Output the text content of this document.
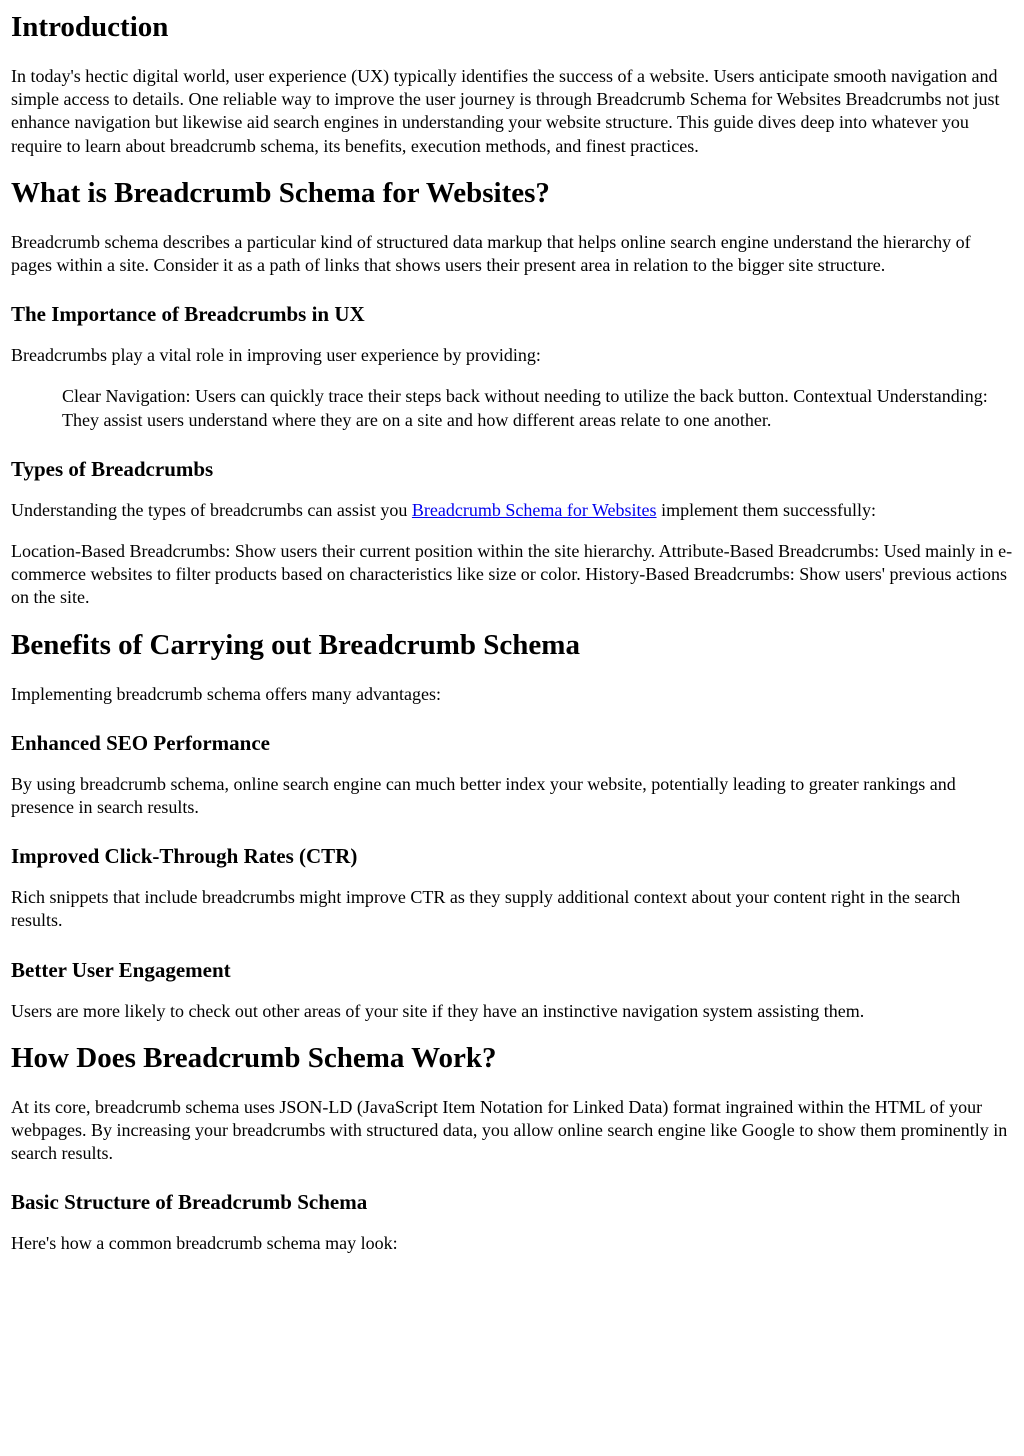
Introduction

In today's hectic digital world, user experience (UX) typically identifies the success of a website. Users anticipate smooth navigation and simple access to details. One reliable way to improve the user journey is through Breadcrumb Schema for Websites Breadcrumbs not just enhance navigation but likewise aid search engines in understanding your website structure. This guide dives deep into whatever you require to learn about breadcrumb schema, its benefits, execution methods, and finest practices.

What is Breadcrumb Schema for Websites?

Breadcrumb schema describes a particular kind of structured data markup that helps online search engine understand the hierarchy of pages within a site. Consider it as a path of links that shows users their present area in relation to the bigger site structure.

The Importance of Breadcrumbs in UX

Breadcrumbs play a vital role in improving user experience by providing:

Clear Navigation: Users can quickly trace their steps back without needing to utilize the back button. Contextual Understanding: They assist users understand where they are on a site and how different areas relate to one another.
Types of Breadcrumbs

Understanding the types of breadcrumbs can assist you Breadcrumb Schema for Websites implement them successfully:

Location-Based Breadcrumbs: Show users their current position within the site hierarchy. Attribute-Based Breadcrumbs: Used mainly in e-commerce websites to filter products based on characteristics like size or color. History-Based Breadcrumbs: Show users' previous actions on the site.

Benefits of Carrying out Breadcrumb Schema

Implementing breadcrumb schema offers many advantages:

Enhanced SEO Performance

By using breadcrumb schema, online search engine can much better index your website, potentially leading to greater rankings and presence in search results.

Improved Click-Through Rates (CTR)

Rich snippets that include breadcrumbs might improve CTR as they supply additional context about your content right in the search results.

Better User Engagement

Users are more likely to check out other areas of your site if they have an instinctive navigation system assisting them.

How Does Breadcrumb Schema Work?

At its core, breadcrumb schema uses JSON-LD (JavaScript Item Notation for Linked Data) format ingrained within the HTML of your webpages. By increasing your breadcrumbs with structured data, you allow online search engine like Google to show them prominently in search results.

Basic Structure of Breadcrumb Schema

Here's how a common breadcrumb schema may look:
